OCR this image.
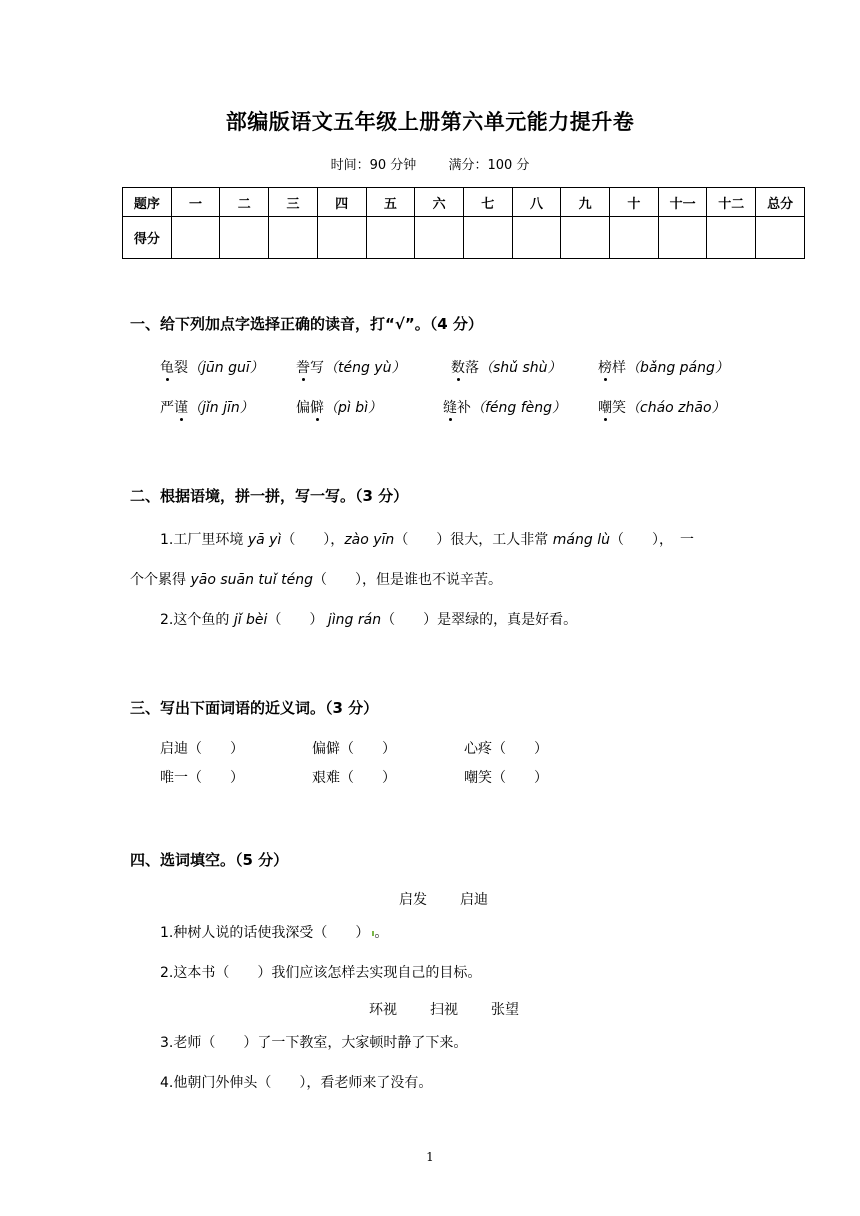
部编版语文五年级上册第六单元能力提升卷
时间：90 分钟 满分：100 分
题序	一	二	三	四	五	六	七	八	九	十	十一	十二	总分
得分													
一、给下列加点字选择正确的读音，打“√”。（4 分）
龟裂（jūn guī） 誊写（téng yù）	数落（shǔ shù）	榜样（bǎng páng）
严谨（jǐn jīn）	偏僻（pì bì）	缝补（féng fèng） 嘲笑（cháo zhāo）
二、根据语境，拼一拼，写一写。（3 分）
1.工厂里环境 yā yì（　　），zào yīn（　　）很大，工人非常 máng lù（　　），　一
个个累得 yāo suān tuǐ téng（　　），但是谁也不说辛苦。
2.这个鱼的 jǐ bèi（　　） jìng rán（　　）是翠绿的，真是好看。
三、写出下面词语的近义词。（3 分）
启迪（　　）	偏僻（　　）	心疼（　　）
唯一（　　）	艰难（　　）	嘲笑（　　）
四、选词填空。（5 分）
启发 启迪
1.种树人说的话使我深受（　　） 。
2.这本书（　　）我们应该怎样去实现自己的目标。
环视 扫视 张望
3.老师（　　）了一下教室，大家顿时静了下来。
4.他朝门外伸头（　　），看老师来了没有。
1
